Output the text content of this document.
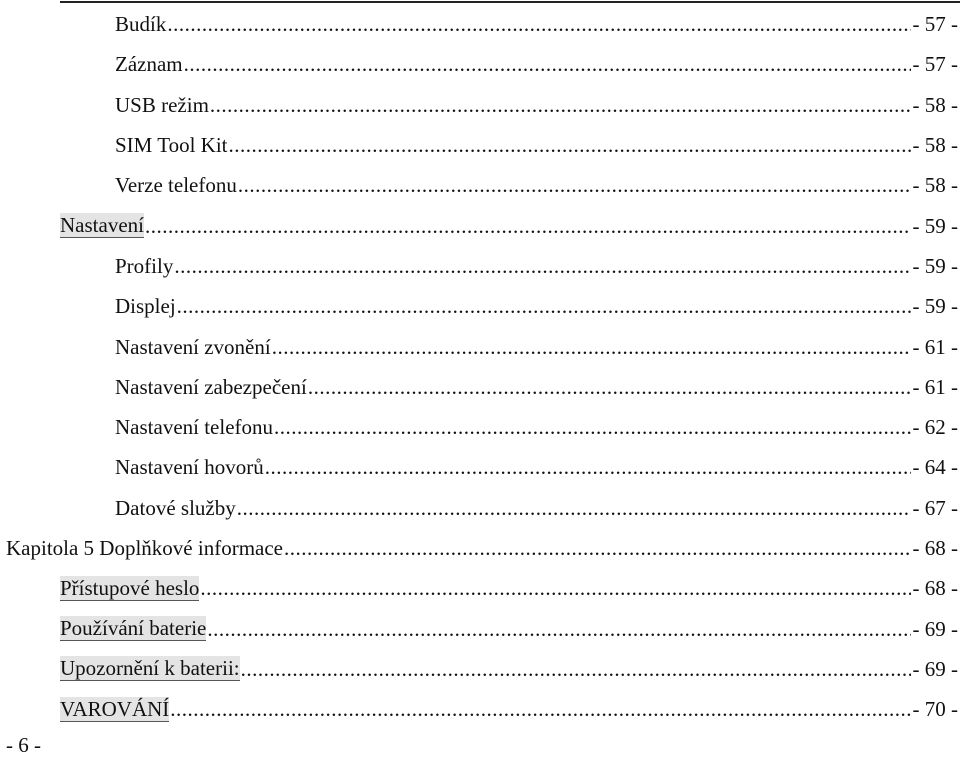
Budík .....	- 57 -
Záznam .....	- 57 -
USB režim .....	- 58 -
SIM Tool Kit .....	- 58 -
Verze telefonu .....	- 58 -
Nastavení .....	- 59 -
Profily .....	- 59 -
Displej .....	- 59 -
Nastavení zvonění .....	- 61 -
Nastavení zabezpečení .....	- 61 -
Nastavení telefonu .....	- 62 -
Nastavení hovorů .....	- 64 -
Datové služby .....	- 67 -
Kapitola 5 Doplňkové informace .....	- 68 -
Přístupové heslo .....	- 68 -
Používání baterie .....	- 69 -
Upozornění k baterii: .....	- 69 -
VAROVÁNÍ .....	- 70 -
- 6 -
